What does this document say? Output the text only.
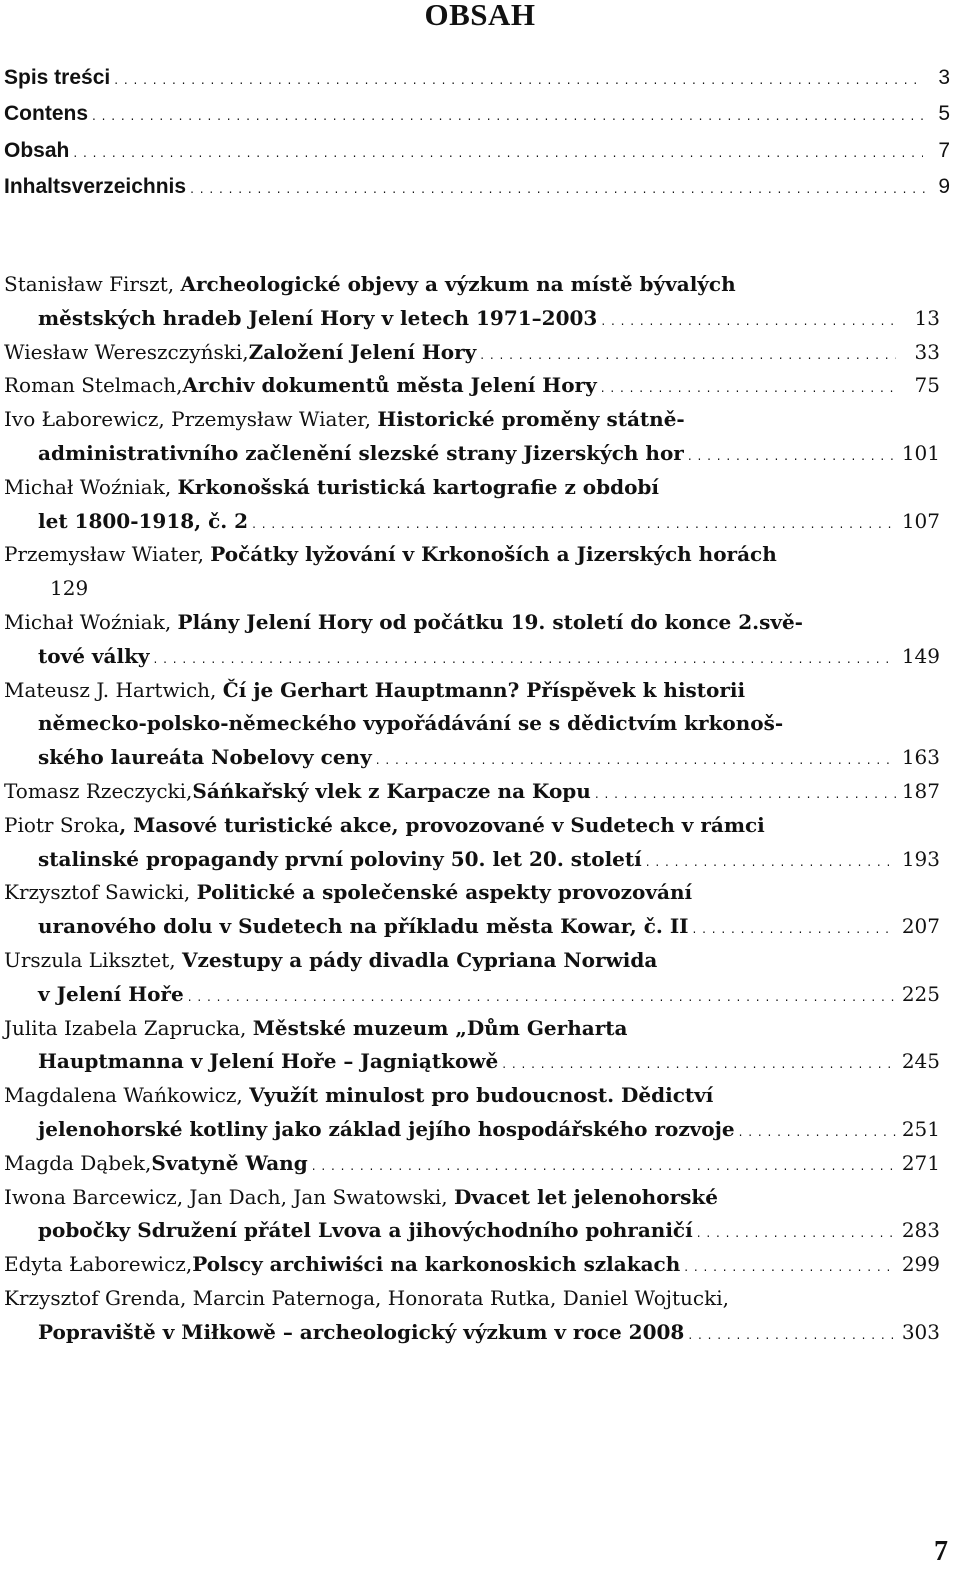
OBSAH
Spis treści . . .	3
Contens . . .	5
Obsah . . .	7
Inhaltsverzeichnis . . .	9
Stanisław Firszt, Archeologické objevy a výzkum na místě bývalých
městských hradeb Jelení Hory v letech 1971–2003 . . .	13
Wiesław Wereszczyński, Založení Jelení Hory . . .	33
Roman Stelmach, Archiv dokumentů města Jelení Hory . . .	75
Ivo Łaborewicz, Przemysław Wiater, Historické proměny státně-
administrativního začlenění slezské strany Jizerských hor . . .	101
Michał Woźniak, Krkonošská turistická kartografie z období
let 1800-1918, č. 2 . . .	107
Przemysław Wiater, Počátky lyžování v Krkonoších a Jizerských horách
129
Michał Woźniak, Plány Jelení Hory od počátku 19. století do konce 2.svě-
tové války . . .	149
Mateusz J. Hartwich, Čí je Gerhart Hauptmann? Příspěvek k historii
německo-polsko-německého vypořádávání se s dědictvím krkonoš-
ského laureáta Nobelovy ceny . . .	163
Tomasz Rzeczycki, Sáńkařský vlek z Karpacze na Kopu . . .	187
Piotr Sroka, Masové turistické akce, provozované v Sudetech v rámci
stalinské propagandy první poloviny 50. let 20. století . . .	193
Krzysztof Sawicki, Politické a společenské aspekty provozování
uranového dolu v Sudetech na příkladu města Kowar, č. II . . .	207
Urszula Liksztet, Vzestupy a pády divadla Cypriana Norwida
v Jelení Hoře . . .	225
Julita Izabela Zaprucka, Městské muzeum „Dům Gerharta
Hauptmanna v Jelení Hoře – Jagniątkowě . . .	245
Magdalena Wańkowicz, Využít minulost pro budoucnost. Dědictví
jelenohorské kotliny jako základ jejího hospodářského rozvoje . . .	251
Magda Dąbek, Svatyně Wang . . .	271
Iwona Barcewicz, Jan Dach, Jan Swatowski, Dvacet let jelenohorské
pobočky Sdružení přátel Lvova a jihovýchodního pohraničí . . .	283
Edyta Łaborewicz, Polscy archiwiści na karkonoskich szlakach . . .	299
Krzysztof Grenda, Marcin Paternoga, Honorata Rutka, Daniel Wojtucki,
Popraviště v Miłkowě – archeologický výzkum v roce 2008 . . .	303
7
